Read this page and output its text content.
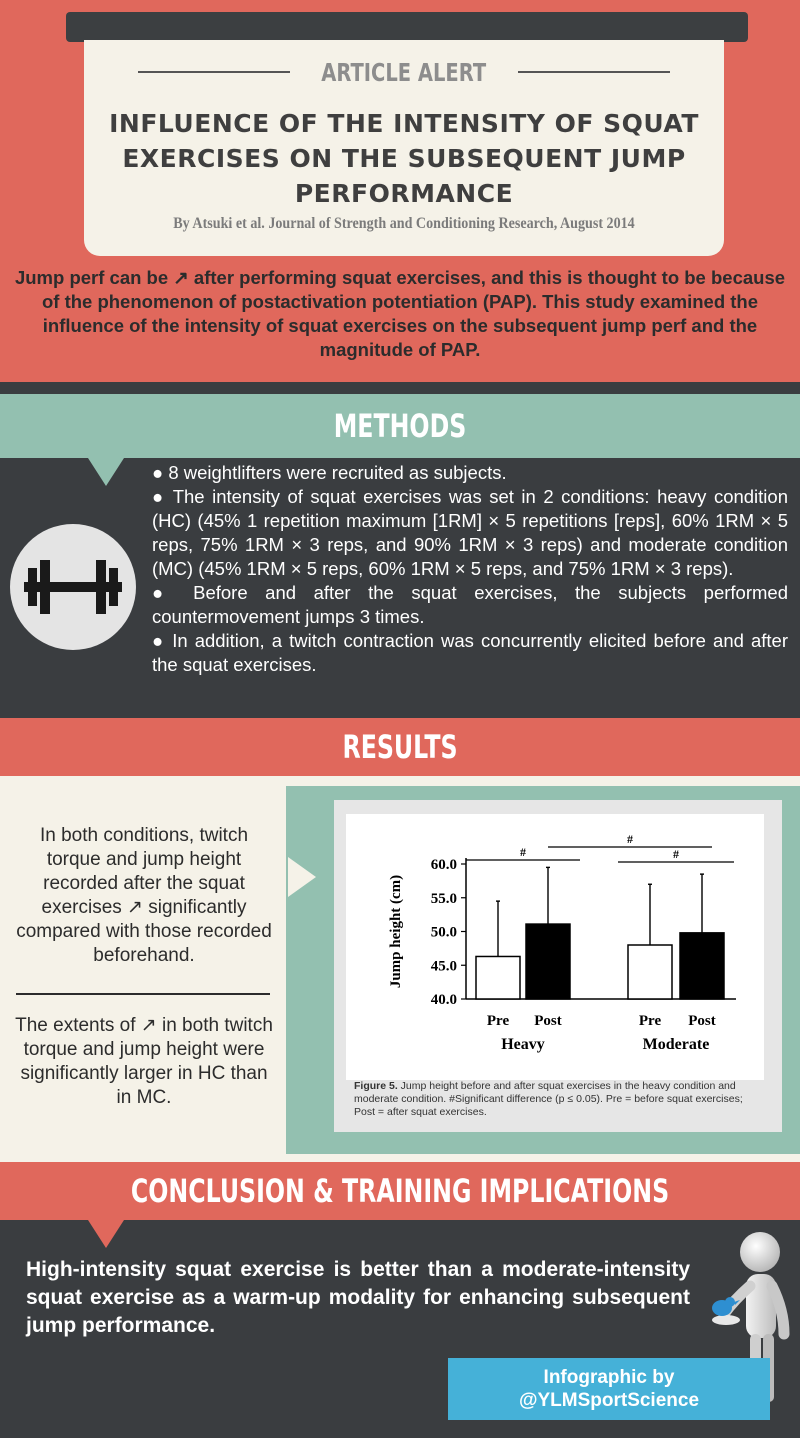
ARTICLE ALERT
INFLUENCE OF THE INTENSITY OF SQUAT EXERCISES ON THE SUBSEQUENT JUMP PERFORMANCE
By Atsuki et al. Journal of Strength and Conditioning Research, August 2014
Jump perf can be ↗ after performing squat exercises, and this is thought to be because of the phenomenon of postactivation potentiation (PAP). This study examined the influence of the intensity of squat exercises on the subsequent jump perf and the magnitude of PAP.
METHODS

● 8 weightlifters were recruited as subjects.

● The intensity of squat exercises was set in 2 conditions: heavy condition (HC) (45% 1 repetition maximum [1RM] × 5 repetitions [reps], 60% 1RM × 5 reps, 75% 1RM × 3 reps, and 90% 1RM × 3 reps) and moderate condition (MC) (45% 1RM × 5 reps, 60% 1RM × 5 reps, and 75% 1RM × 3 reps).

● Before and after the squat exercises, the subjects performed countermovement jumps 3 times.

● In addition, a twitch contraction was concurrently elicited before and after the squat exercises.

RESULTS
In both conditions, twitch torque and jump height recorded after the squat exercises ↗ significantly compared with those recorded beforehand.
The extents of ↗ in both twitch torque and jump height were significantly larger in HC than in MC.
40.0
45.0
50.0
55.0
60.0
Jump height (cm)
Pre Post	Pre Post
Heavy	Moderate
#	#
#
Figure 5. Jump height before and after squat exercises in the heavy condition and moderate condition. #Significant difference (p ≤ 0.05). Pre = before squat exercises; Post = after squat exercises.
CONCLUSION & TRAINING IMPLICATIONS
High-intensity squat exercise is better than a moderate-intensity squat exercise as a warm-up modality for enhancing subsequent jump performance.
Infographic by
@YLMSportScience
